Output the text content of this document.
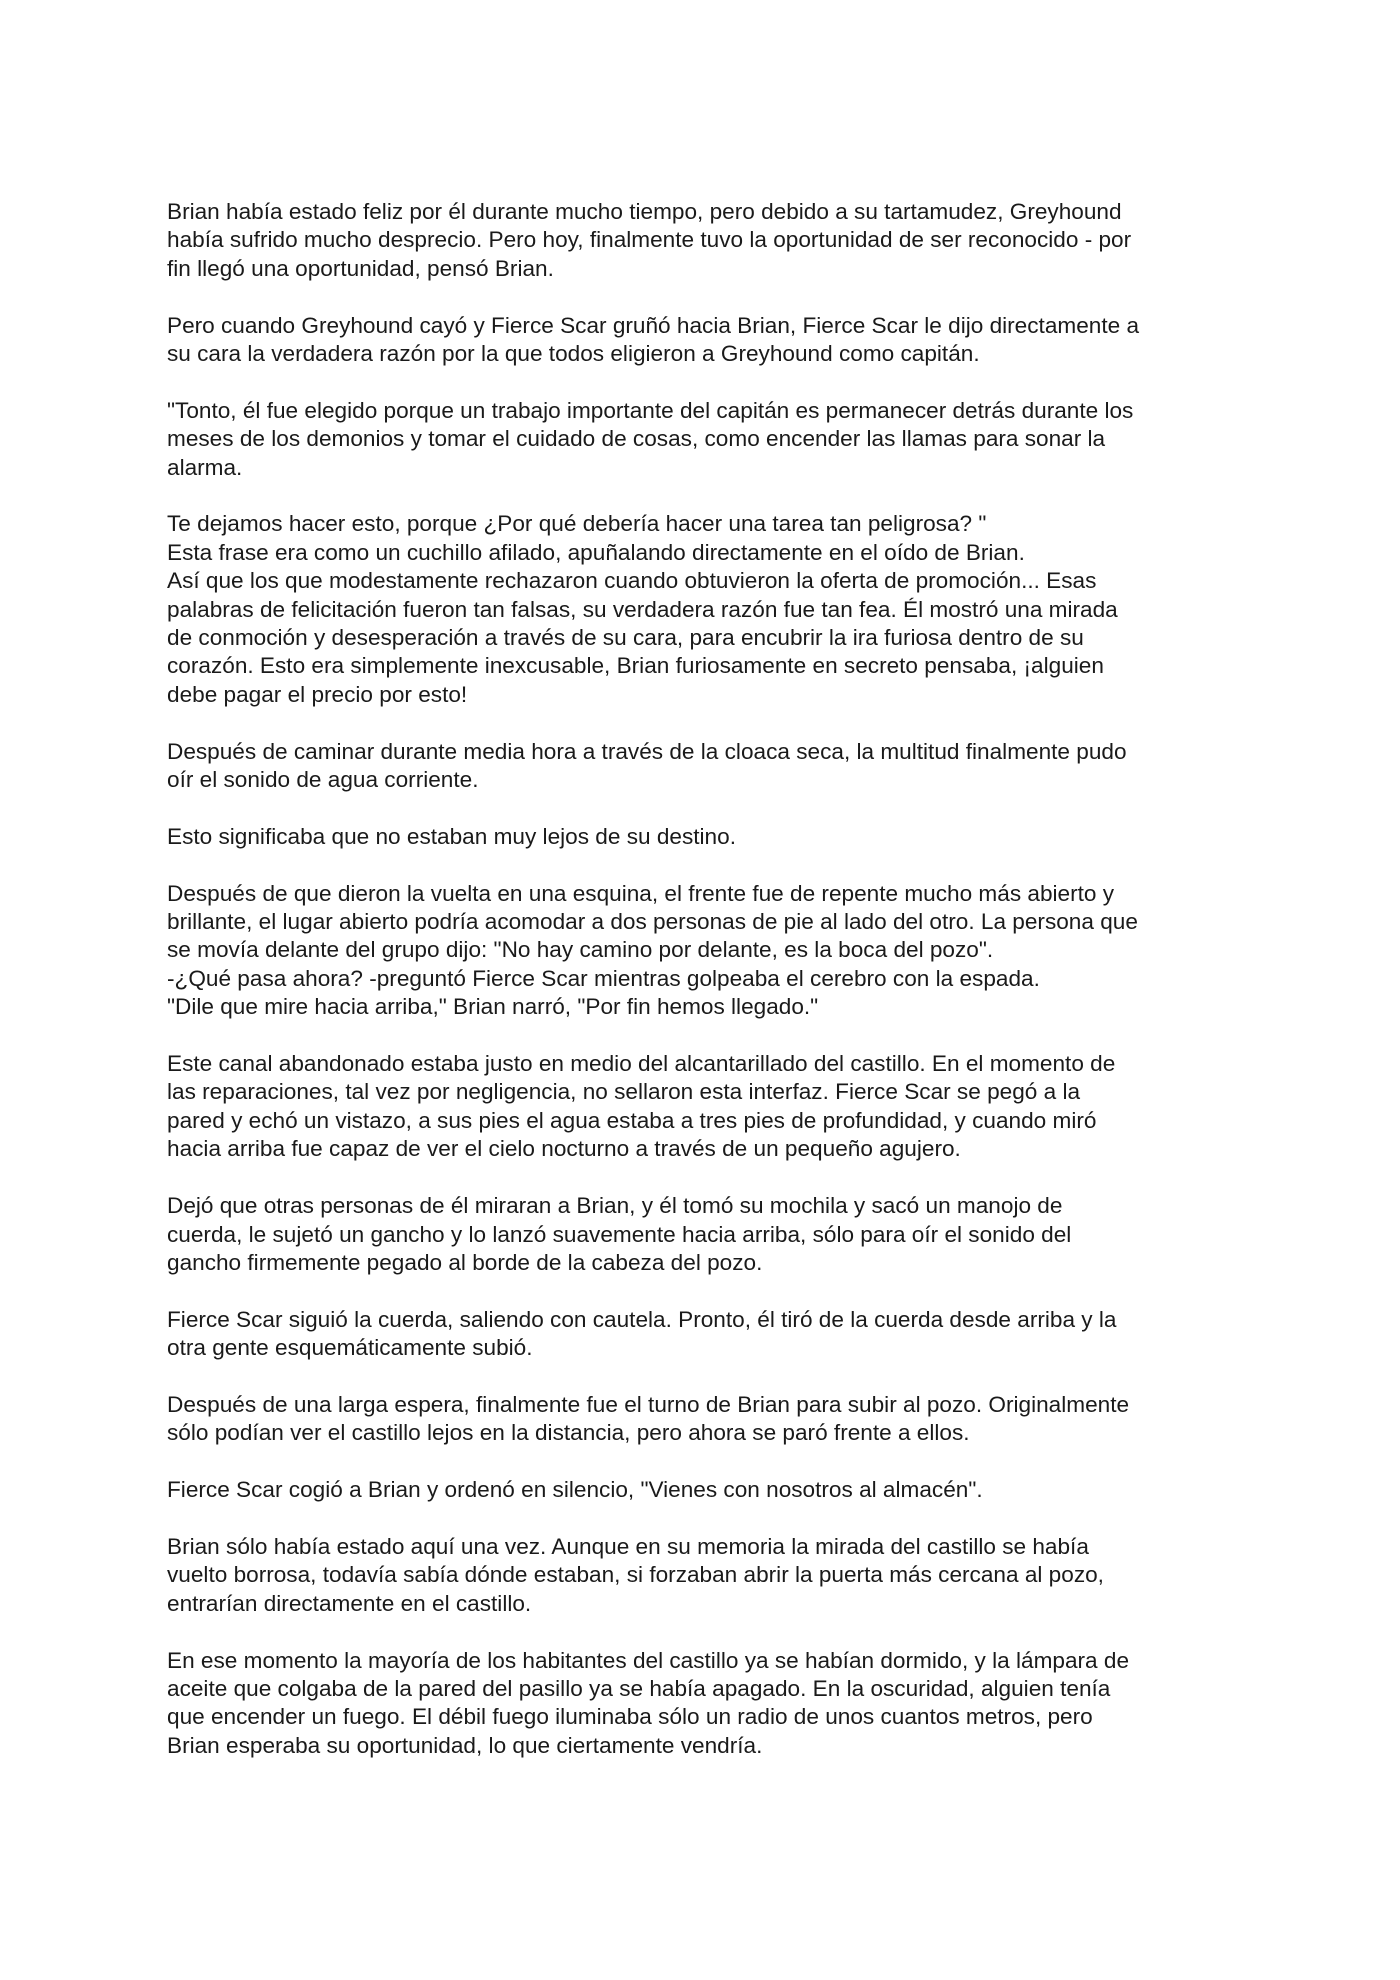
Brian había estado feliz por él durante mucho tiempo, pero debido a su tartamudez, Greyhound
había sufrido mucho desprecio. Pero hoy, finalmente tuvo la oportunidad de ser reconocido - por
fin llegó una oportunidad, pensó Brian.

Pero cuando Greyhound cayó y Fierce Scar gruñó hacia Brian, Fierce Scar le dijo directamente a
su cara la verdadera razón por la que todos eligieron a Greyhound como capitán.

"Tonto, él fue elegido porque un trabajo importante del capitán es permanecer detrás durante los
meses de los demonios y tomar el cuidado de cosas, como encender las llamas para sonar la
alarma.

Te dejamos hacer esto, porque ¿Por qué debería hacer una tarea tan peligrosa? "
Esta frase era como un cuchillo afilado, apuñalando directamente en el oído de Brian.
Así que los que modestamente rechazaron cuando obtuvieron la oferta de promoción... Esas
palabras de felicitación fueron tan falsas, su verdadera razón fue tan fea. Él mostró una mirada
de conmoción y desesperación a través de su cara, para encubrir la ira furiosa dentro de su
corazón. Esto era simplemente inexcusable, Brian furiosamente en secreto pensaba, ¡alguien
debe pagar el precio por esto!

Después de caminar durante media hora a través de la cloaca seca, la multitud finalmente pudo
oír el sonido de agua corriente.

Esto significaba que no estaban muy lejos de su destino.

Después de que dieron la vuelta en una esquina, el frente fue de repente mucho más abierto y
brillante, el lugar abierto podría acomodar a dos personas de pie al lado del otro. La persona que
se movía delante del grupo dijo: "No hay camino por delante, es la boca del pozo".
-¿Qué pasa ahora? -preguntó Fierce Scar mientras golpeaba el cerebro con la espada.
"Dile que mire hacia arriba," Brian narró, "Por fin hemos llegado."

Este canal abandonado estaba justo en medio del alcantarillado del castillo. En el momento de
las reparaciones, tal vez por negligencia, no sellaron esta interfaz. Fierce Scar se pegó a la
pared y echó un vistazo, a sus pies el agua estaba a tres pies de profundidad, y cuando miró
hacia arriba fue capaz de ver el cielo nocturno a través de un pequeño agujero.

Dejó que otras personas de él miraran a Brian, y él tomó su mochila y sacó un manojo de
cuerda, le sujetó un gancho y lo lanzó suavemente hacia arriba, sólo para oír el sonido del
gancho firmemente pegado al borde de la cabeza del pozo.

Fierce Scar siguió la cuerda, saliendo con cautela. Pronto, él tiró de la cuerda desde arriba y la
otra gente esquemáticamente subió.

Después de una larga espera, finalmente fue el turno de Brian para subir al pozo. Originalmente
sólo podían ver el castillo lejos en la distancia, pero ahora se paró frente a ellos.

Fierce Scar cogió a Brian y ordenó en silencio, "Vienes con nosotros al almacén".

Brian sólo había estado aquí una vez. Aunque en su memoria la mirada del castillo se había
vuelto borrosa, todavía sabía dónde estaban, si forzaban abrir la puerta más cercana al pozo,
entrarían directamente en el castillo.

En ese momento la mayoría de los habitantes del castillo ya se habían dormido, y la lámpara de
aceite que colgaba de la pared del pasillo ya se había apagado. En la oscuridad, alguien tenía
que encender un fuego. El débil fuego iluminaba sólo un radio de unos cuantos metros, pero
Brian esperaba su oportunidad, lo que ciertamente vendría.
